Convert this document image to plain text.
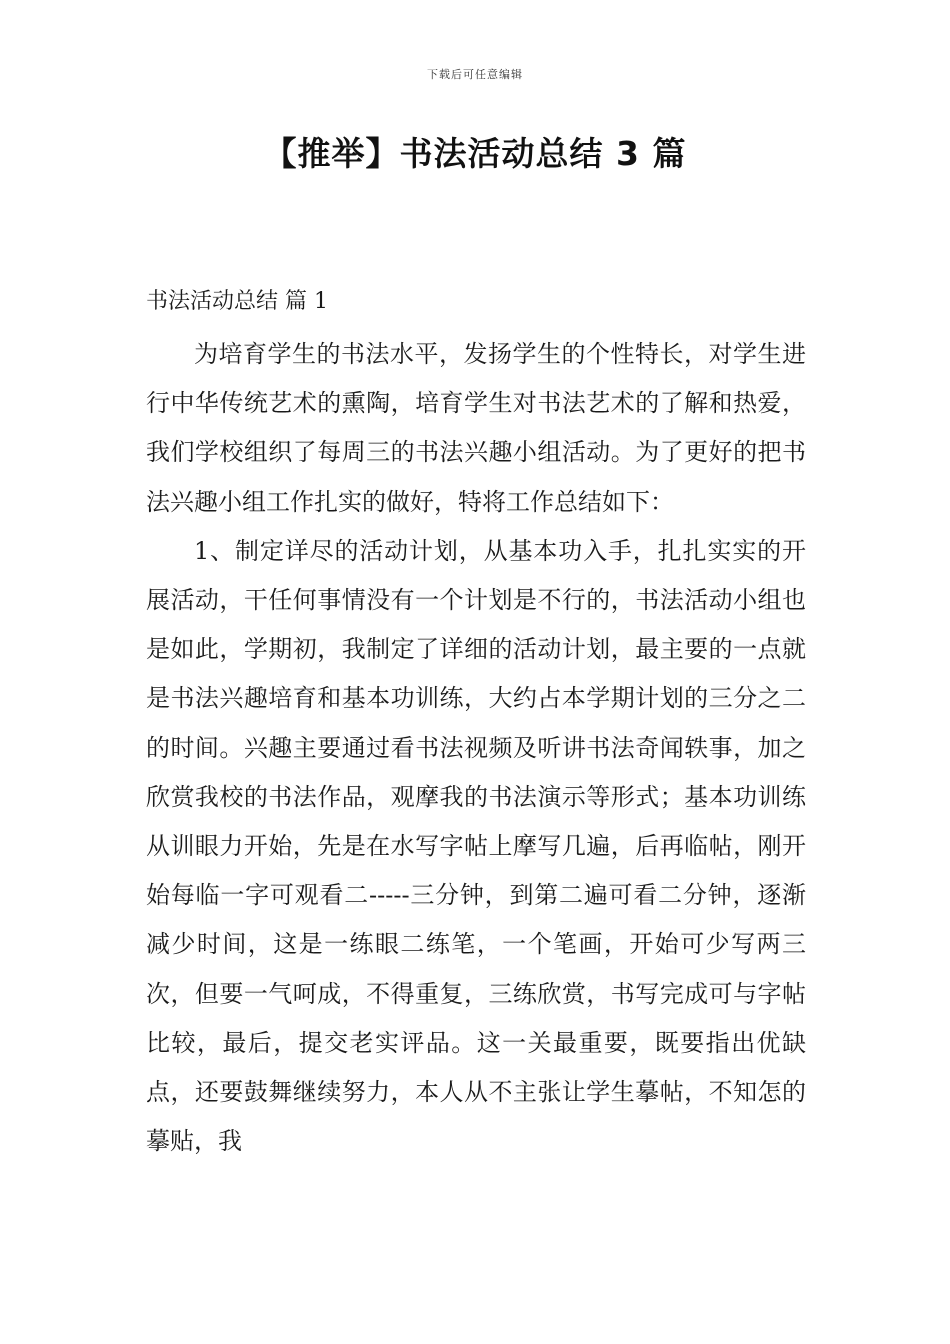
下载后可任意编辑
【推举】书法活动总结 3 篇
书法活动总结 篇 1

为培育学生的书法水平，发扬学生的个性特长，对学生进行中华传统艺术的熏陶，培育学生对书法艺术的了解和热爱，我们学校组织了每周三的书法兴趣小组活动。为了更好的把书法兴趣小组工作扎实的做好，特将工作总结如下：

1、制定详尽的活动计划，从基本功入手，扎扎实实的开展活动，干任何事情没有一个计划是不行的，书法活动小组也是如此，学期初，我制定了详细的活动计划，最主要的一点就是书法兴趣培育和基本功训练，大约占本学期计划的三分之二的时间。兴趣主要通过看书法视频及听讲书法奇闻轶事，加之欣赏我校的书法作品，观摩我的书法演示等形式；基本功训练从训眼力开始，先是在水写字帖上摩写几遍，后再临帖，刚开始每临一字可观看二-----三分钟，到第二遍可看二分钟，逐渐减少时间，这是一练眼二练笔，一个笔画，开始可少写两三次，但要一气呵成，不得重复，三练欣赏，书写完成可与字帖比较，最后，提交老实评品。这一关最重要，既要指出优缺点，还要鼓舞继续努力，本人从不主张让学生摹帖，不知怎的摹贴，我
